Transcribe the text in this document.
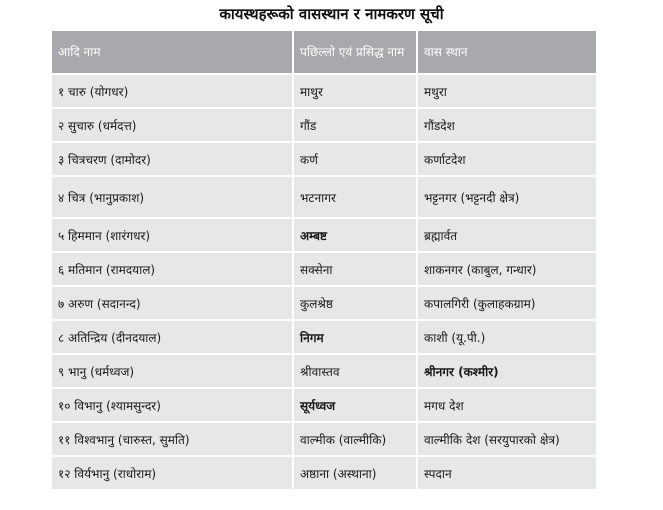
कायस्थहरूको वासस्थान र नामकरण सूची
आदि नाम	पछिल्लो एवं प्रसिद्ध नाम	वास स्थान
१ चारु (योगधर)	माथुर	मथुरा
२ सुचारु (धर्मदत्त)	गौंड	गौंडदेश
३ चित्रचरण (दामोदर)	कर्ण	कर्णाटदेश
४ चित्र (भानुप्रकाश)	भटनागर	भट्टनगर (भट्टनदी क्षेत्र)
५ हिममान (शारंगधर)	अम्बष्ट	ब्रह्मार्वत
६ मतिमान (रामदयाल)	सक्सेना	शाकनगर (काबुल, गन्धार)
७ अरुण (सदानन्द)	कुलश्रेष्ठ	कपालगिरी (कुलाहकग्राम)
८ अतिन्द्रिय (दीनदयाल)	निगम	काशी (यू.पी.)
९ भानु (धर्मध्वज)	श्रीवास्तव	श्रीनगर (कश्मीर)
१० विभानु (श्यामसुन्दर)	सूर्यध्वज	मगध देश
११ विश्वभानु (चारुस्त, सुमति)	वाल्मीक (वाल्मीकि)	वाल्मीकि देश (सरयुपारको क्षेत्र)
१२ विर्यभानु (राधोराम)	अष्ठाना (अस्थाना)	स्पदान
